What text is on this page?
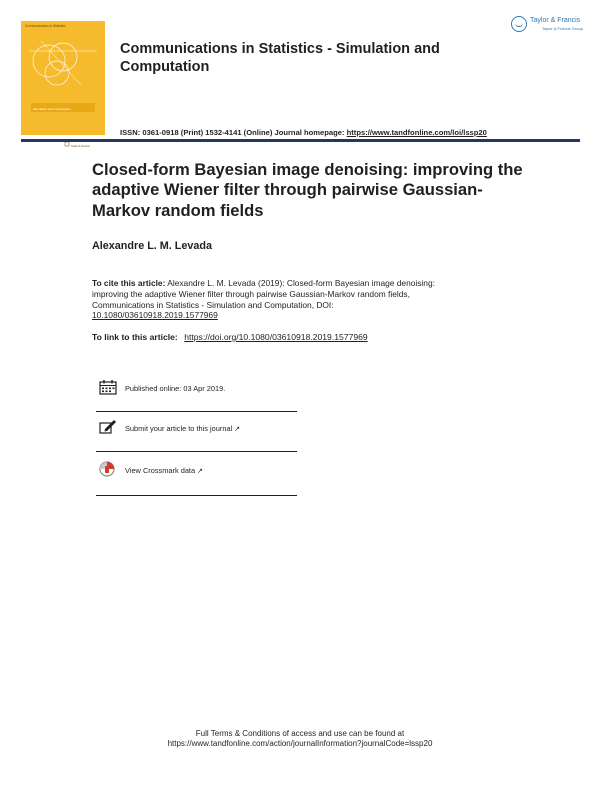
Communications in Statistics
Simulation and Computation
Taylor & Francis
Taylor & Francis
Taylor & Francis Group
Communications in Statistics - Simulation and Computation
ISSN: 0361-0918 (Print) 1532-4141 (Online) Journal homepage: https://www.tandfonline.com/loi/lssp20
Closed-form Bayesian image denoising: improving the adaptive Wiener filter through pairwise Gaussian-Markov random fields
Alexandre L. M. Levada
To cite this article: Alexandre L. M. Levada (2019): Closed-form Bayesian image denoising: improving the adaptive Wiener filter through pairwise Gaussian-Markov random fields, Communications in Statistics - Simulation and Computation, DOI: 10.1080/03610918.2019.1577969
To link to this article: https://doi.org/10.1080/03610918.2019.1577969
Published online: 03 Apr 2019.
Submit your article to this journal ↗
View Crossmark data ↗
Full Terms & Conditions of access and use can be found at
https://www.tandfonline.com/action/journalInformation?journalCode=lssp20
